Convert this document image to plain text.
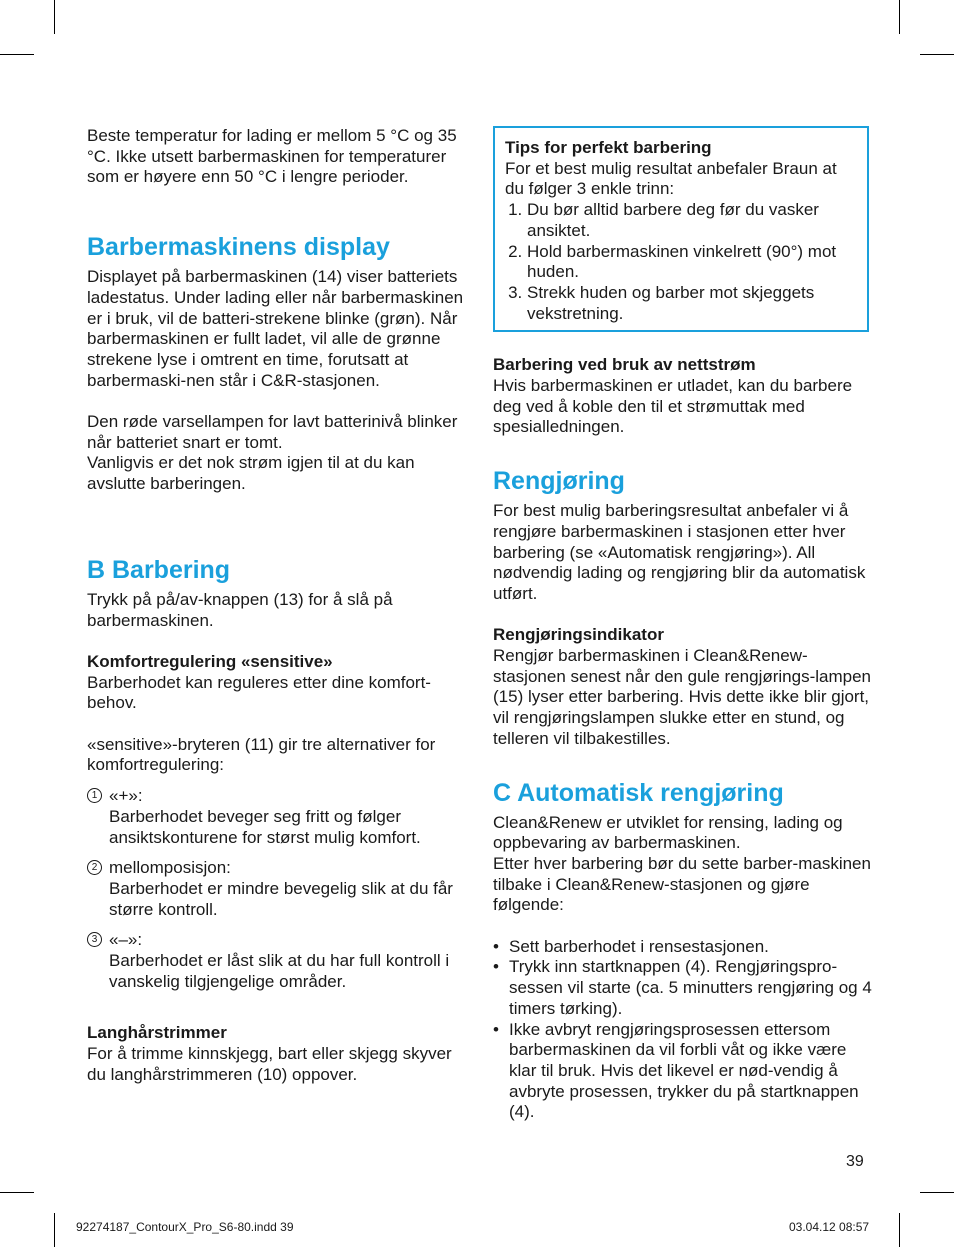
Beste temperatur for lading er mellom 5 °C og 35 °C. Ikke utsett barbermaskinen for temperaturer som er høyere enn 50 °C i lengre perioder.

Barbermaskinens display

Displayet på barbermaskinen (14) viser batteriets ladestatus. Under lading eller når barbermaskinen er i bruk, vil de batteri-strekene blinke (grøn). Når barbermaskinen er fullt ladet, vil alle de grønne strekene lyse i omtrent en time, forutsatt at barbermaski-nen står i C&R-stasjonen.

Den røde varsellampen for lavt batterinivå blinker når batteriet snart er tomt.

Vanligvis er det nok strøm igjen til at du kan avslutte barberingen.

B Barbering

Trykk på på/av-knappen (13) for å slå på barbermaskinen.

Komfortregulering «sensitive»

Barberhodet kan reguleres etter dine komfort-behov.

«sensitive»-bryteren (11) gir tre alternativer for komfortregulering:

1 «+»:

Barberhodet beveger seg fritt og følger ansiktskonturene for størst mulig komfort.

2 mellomposisjon:

Barberhodet er mindre bevegelig slik at du får større kontroll.

3 «–»:

Barberhodet er låst slik at du har full kontroll i vanskelig tilgjengelige områder.

Langhårstrimmer

For å trimme kinnskjegg, bart eller skjegg skyver du langhårstrimmeren (10) oppover.

Tips for perfekt barbering

For et best mulig resultat anbefaler Braun at du følger 3 enkle trinn:

1. Du bør alltid barbere deg før du vasker ansiktet.
2. Hold barbermaskinen vinkelrett (90°) mot huden.
3. Strekk huden og barber mot skjeggets vekstretning.

Barbering ved bruk av nettstrøm

Hvis barbermaskinen er utladet, kan du barbere deg ved å koble den til et strømuttak med spesialledningen.

Rengjøring

For best mulig barberingsresultat anbefaler vi å rengjøre barbermaskinen i stasjonen etter hver barbering (se «Automatisk rengjøring»). All nødvendig lading og rengjøring blir da automatisk utført.

Rengjøringsindikator

Rengjør barbermaskinen i Clean&Renew-stasjonen senest når den gule rengjørings-lampen (15) lyser etter barbering. Hvis dette ikke blir gjort, vil rengjøringslampen slukke etter en stund, og telleren vil tilbakestilles.

C Automatisk rengjøring

Clean&Renew er utviklet for rensing, lading og oppbevaring av barbermaskinen.

Etter hver barbering bør du sette barber-maskinen tilbake i Clean&Renew-stasjonen og gjøre følgende:

• Sett barberhodet i rensestasjonen.
• Trykk inn startknappen (4). Rengjøringspro-sessen vil starte (ca. 5 minutters rengjøring og 4 timers tørking).
• Ikke avbryt rengjøringsprosessen ettersom barbermaskinen da vil forbli våt og ikke være klar til bruk. Hvis det likevel er nød-vendig å avbryte prosessen, trykker du på startknappen (4).
39
92274187_ContourX_Pro_S6-80.indd 39	03.04.12 08:57
